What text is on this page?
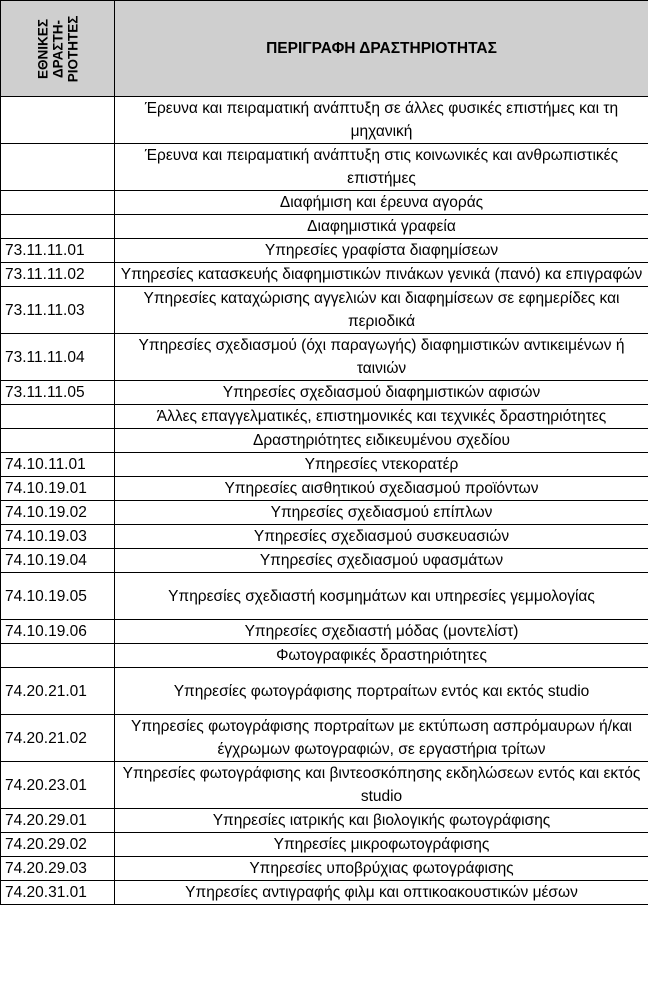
ΕΘΝΙΚΕΣ
ΔΡΑΣΤΗ-
ΡΙΟΤΗΤΕΣ	ΠΕΡΙΓΡΑΦΗ ΔΡΑΣΤΗΡΙΟΤΗΤΑΣ
	Έρευνα και πειραματική ανάπτυξη σε άλλες φυσικές επιστήμες και τη μηχανική
	Έρευνα και πειραματική ανάπτυξη στις κοινωνικές και ανθρωπιστικές επιστήμες
	Διαφήμιση και έρευνα αγοράς
	Διαφημιστικά γραφεία
73.11.11.01	Υπηρεσίες γραφίστα διαφημίσεων
73.11.11.02	Υπηρεσίες κατασκευής διαφημιστικών πινάκων γενικά (πανό) κα επιγραφών
73.11.11.03	Υπηρεσίες καταχώρισης αγγελιών και διαφημίσεων σε εφημερίδες και περιοδικά
73.11.11.04	Υπηρεσίες σχεδιασμού (όχι παραγωγής) διαφημιστικών αντικειμένων ή ταινιών
73.11.11.05	Υπηρεσίες σχεδιασμού διαφημιστικών αφισών
	Άλλες επαγγελματικές, επιστημονικές και τεχνικές δραστηριότητες
	Δραστηριότητες ειδικευμένου σχεδίου
74.10.11.01	Υπηρεσίες ντεκορατέρ
74.10.19.01	Υπηρεσίες αισθητικού σχεδιασμού προϊόντων
74.10.19.02	Υπηρεσίες σχεδιασμού επίπλων
74.10.19.03	Υπηρεσίες σχεδιασμού συσκευασιών
74.10.19.04	Υπηρεσίες σχεδιασμού υφασμάτων
74.10.19.05	Υπηρεσίες σχεδιαστή κοσμημάτων και υπηρεσίες γεμμολογίας
74.10.19.06	Υπηρεσίες σχεδιαστή μόδας (μοντελίστ)
	Φωτογραφικές δραστηριότητες
74.20.21.01	Υπηρεσίες φωτογράφισης πορτραίτων εντός και εκτός studio
74.20.21.02	Υπηρεσίες φωτογράφισης πορτραίτων με εκτύπωση ασπρόμαυρων ή/και έγχρωμων φωτογραφιών, σε εργαστήρια τρίτων
74.20.23.01	Υπηρεσίες φωτογράφισης και βιντεοσκόπησης εκδηλώσεων εντός και εκτός studio
74.20.29.01	Υπηρεσίες ιατρικής και βιολογικής φωτογράφισης
74.20.29.02	Υπηρεσίες μικροφωτογράφισης
74.20.29.03	Υπηρεσίες υποβρύχιας φωτογράφισης
74.20.31.01	Υπηρεσίες αντιγραφής φιλμ και οπτικοακουστικών μέσων
